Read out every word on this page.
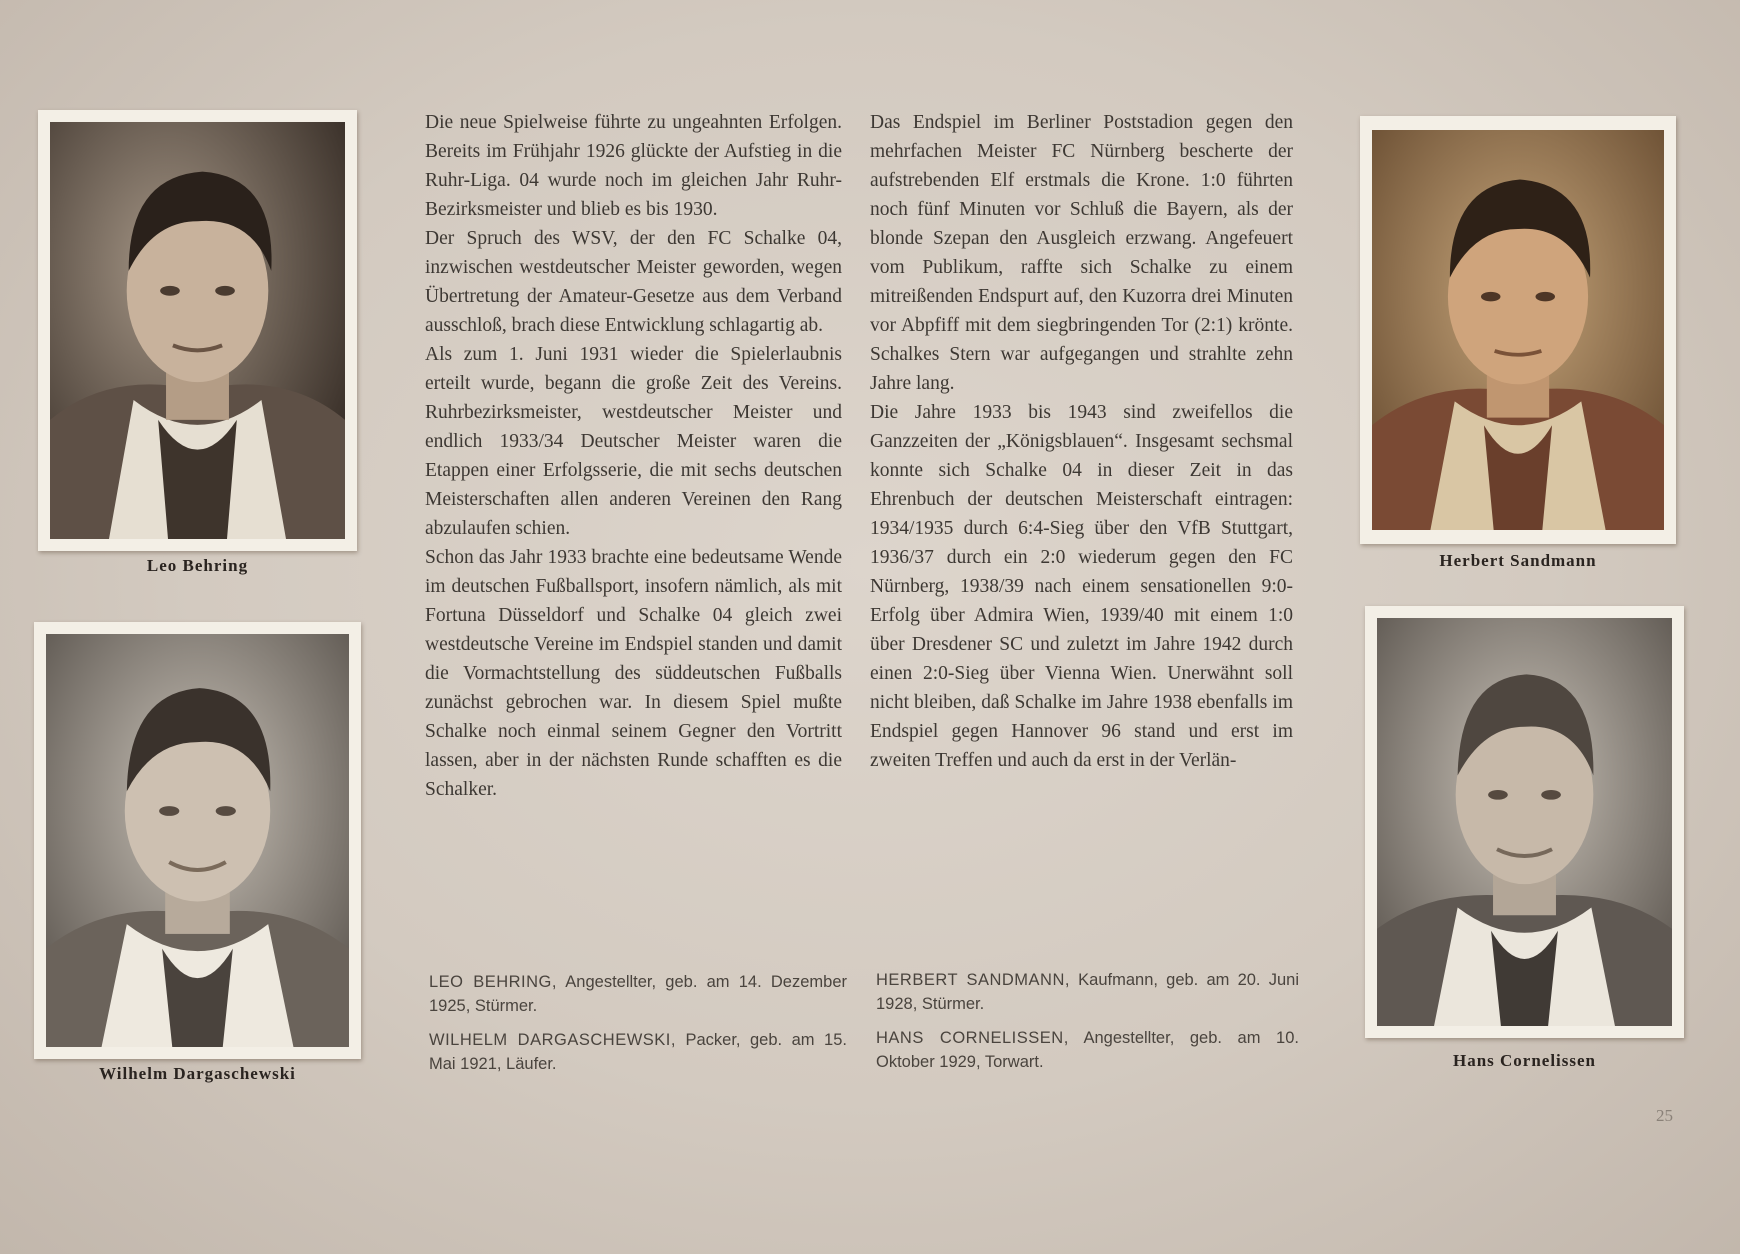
Leo Behring
Wilhelm Dargaschewski
Herbert Sandmann
Hans Cornelissen

Die neue Spielweise führte zu ungeahnten Erfolgen. Bereits im Frühjahr 1926 glückte der Aufstieg in die Ruhr-Liga. 04 wurde noch im gleichen Jahr Ruhr-Bezirksmeister und blieb es bis 1930.

Der Spruch des WSV, der den FC Schalke 04, inzwischen westdeutscher Meister geworden, wegen Übertretung der Amateur-Gesetze aus dem Verband ausschloß, brach diese Entwicklung schlagartig ab.

Als zum 1. Juni 1931 wieder die Spielerlaubnis erteilt wurde, begann die große Zeit des Vereins. Ruhrbezirksmeister, westdeutscher Meister und endlich 1933/34 Deutscher Meister waren die Etappen einer Erfolgsserie, die mit sechs deutschen Meisterschaften allen anderen Vereinen den Rang abzulaufen schien.

Schon das Jahr 1933 brachte eine bedeutsame Wende im deutschen Fußballsport, insofern nämlich, als mit Fortuna Düsseldorf und Schalke 04 gleich zwei westdeutsche Vereine im Endspiel standen und damit die Vormachtstellung des süddeutschen Fußballs zunächst gebrochen war. In diesem Spiel mußte Schalke noch einmal seinem Gegner den Vortritt lassen, aber in der nächsten Runde schafften es die Schalker.

Das Endspiel im Berliner Poststadion gegen den mehrfachen Meister FC Nürnberg bescherte der aufstrebenden Elf erstmals die Krone. 1:0 führten noch fünf Minuten vor Schluß die Bayern, als der blonde Szepan den Ausgleich erzwang. Angefeuert vom Publikum, raffte sich Schalke zu einem mitreißenden Endspurt auf, den Kuzorra drei Minuten vor Abpfiff mit dem siegbringenden Tor (2:1) krönte. Schalkes Stern war aufgegangen und strahlte zehn Jahre lang.

Die Jahre 1933 bis 1943 sind zweifellos die Ganzzeiten der „Königsblauen“. Insgesamt sechsmal konnte sich Schalke 04 in dieser Zeit in das Ehrenbuch der deutschen Meisterschaft eintragen: 1934/1935 durch 6:4-Sieg über den VfB Stuttgart, 1936/37 durch ein 2:0 wiederum gegen den FC Nürnberg, 1938/39 nach einem sensationellen 9:0-Erfolg über Admira Wien, 1939/40 mit einem 1:0 über Dresdener SC und zuletzt im Jahre 1942 durch einen 2:0-Sieg über Vienna Wien. Unerwähnt soll nicht bleiben, daß Schalke im Jahre 1938 ebenfalls im Endspiel gegen Hannover 96 stand und erst im zweiten Treffen und auch da erst in der Verlän-

LEO BEHRING, Angestellter, geb. am 14. Dezember 1925, Stürmer.

WILHELM DARGASCHEWSKI, Packer, geb. am 15. Mai 1921, Läufer.

HERBERT SANDMANN, Kaufmann, geb. am 20. Juni 1928, Stürmer.

HANS CORNELISSEN, Angestellter, geb. am 10. Oktober 1929, Torwart.

25
